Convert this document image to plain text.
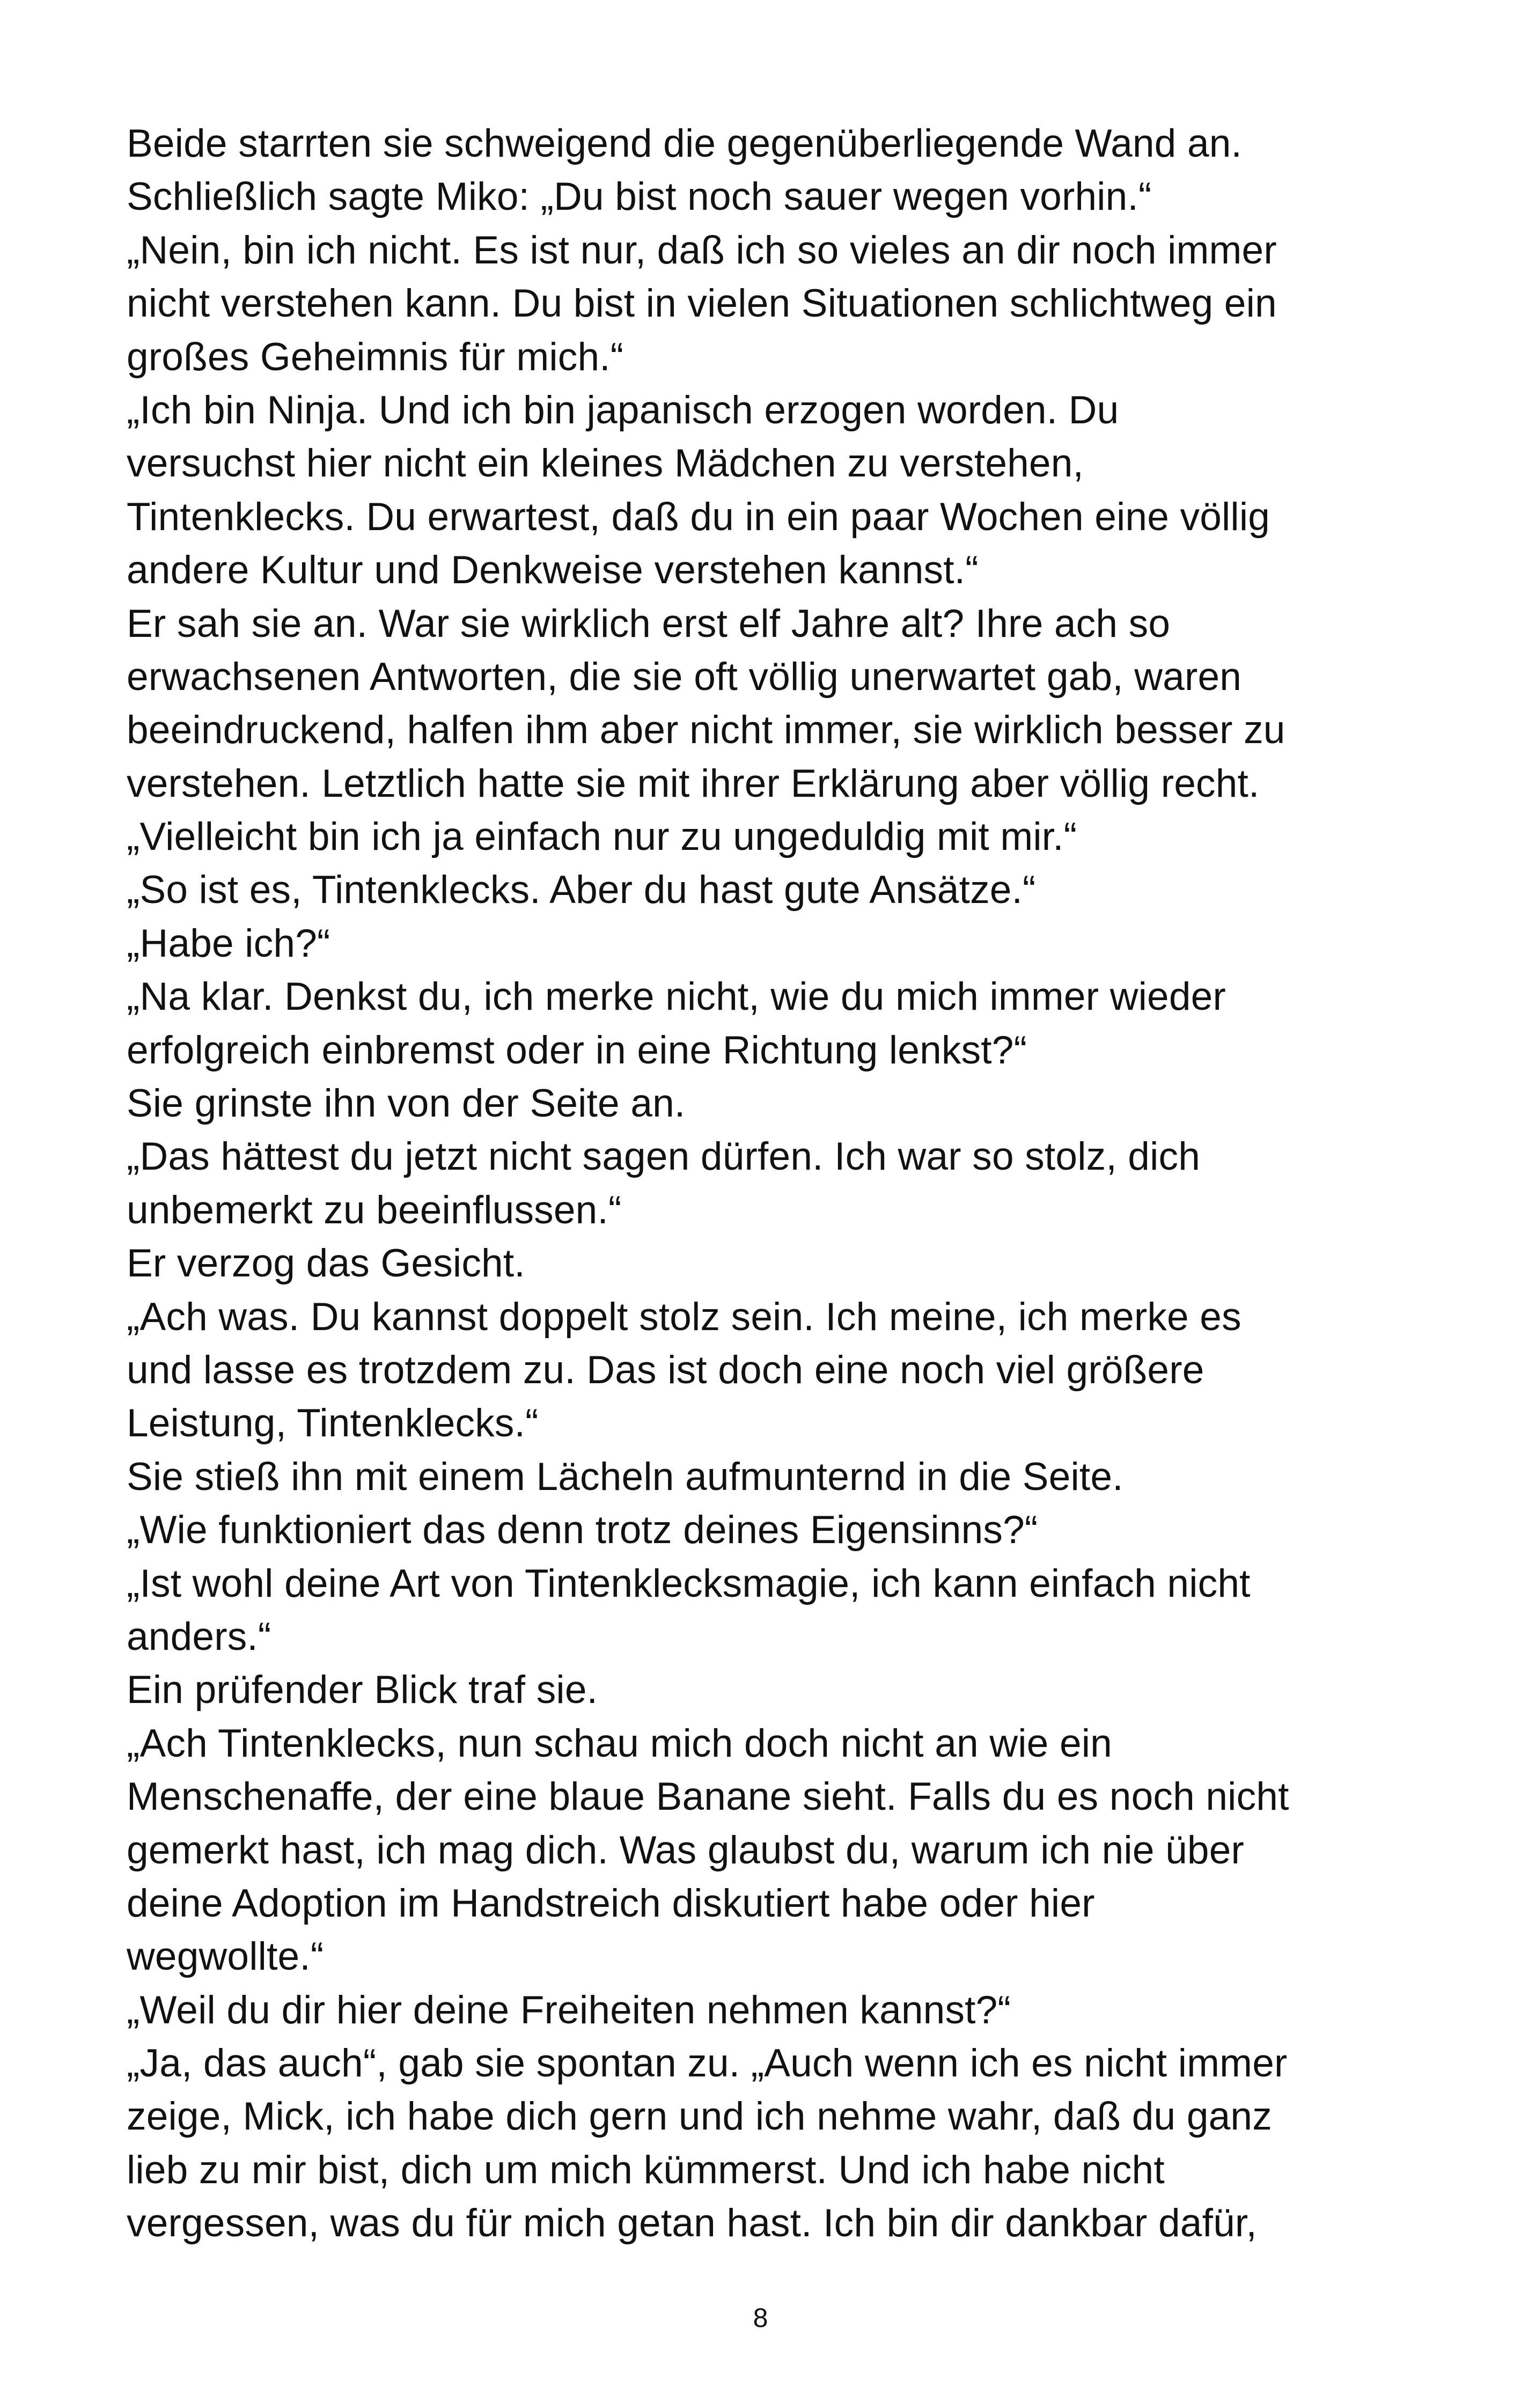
Beide starrten sie schweigend die gegenüberliegende Wand an.
Schließlich sagte Miko: „Du bist noch sauer wegen vorhin.“
„Nein, bin ich nicht. Es ist nur, daß ich so vieles an dir noch immer
nicht verstehen kann. Du bist in vielen Situationen schlichtweg ein
großes Geheimnis für mich.“
„Ich bin Ninja. Und ich bin japanisch erzogen worden. Du
versuchst hier nicht ein kleines Mädchen zu verstehen,
Tintenklecks. Du erwartest, daß du in ein paar Wochen eine völlig
andere Kultur und Denkweise verstehen kannst.“
Er sah sie an. War sie wirklich erst elf Jahre alt? Ihre ach so
erwachsenen Antworten, die sie oft völlig unerwartet gab, waren
beeindruckend, halfen ihm aber nicht immer, sie wirklich besser zu
verstehen. Letztlich hatte sie mit ihrer Erklärung aber völlig recht.
„Vielleicht bin ich ja einfach nur zu ungeduldig mit mir.“
„So ist es, Tintenklecks. Aber du hast gute Ansätze.“
„Habe ich?“
„Na klar. Denkst du, ich merke nicht, wie du mich immer wieder
erfolgreich einbremst oder in eine Richtung lenkst?“
Sie grinste ihn von der Seite an.
„Das hättest du jetzt nicht sagen dürfen. Ich war so stolz, dich
unbemerkt zu beeinflussen.“
Er verzog das Gesicht.
„Ach was. Du kannst doppelt stolz sein. Ich meine, ich merke es
und lasse es trotzdem zu. Das ist doch eine noch viel größere
Leistung, Tintenklecks.“
Sie stieß ihn mit einem Lächeln aufmunternd in die Seite.
„Wie funktioniert das denn trotz deines Eigensinns?“
„Ist wohl deine Art von Tintenklecksmagie, ich kann einfach nicht
anders.“
Ein prüfender Blick traf sie.
„Ach Tintenklecks, nun schau mich doch nicht an wie ein
Menschenaffe, der eine blaue Banane sieht. Falls du es noch nicht
gemerkt hast, ich mag dich. Was glaubst du, warum ich nie über
deine Adoption im Handstreich diskutiert habe oder hier
wegwollte.“
„Weil du dir hier deine Freiheiten nehmen kannst?“
„Ja, das auch“, gab sie spontan zu. „Auch wenn ich es nicht immer
zeige, Mick, ich habe dich gern und ich nehme wahr, daß du ganz
lieb zu mir bist, dich um mich kümmerst. Und ich habe nicht
vergessen, was du für mich getan hast. Ich bin dir dankbar dafür,
8
